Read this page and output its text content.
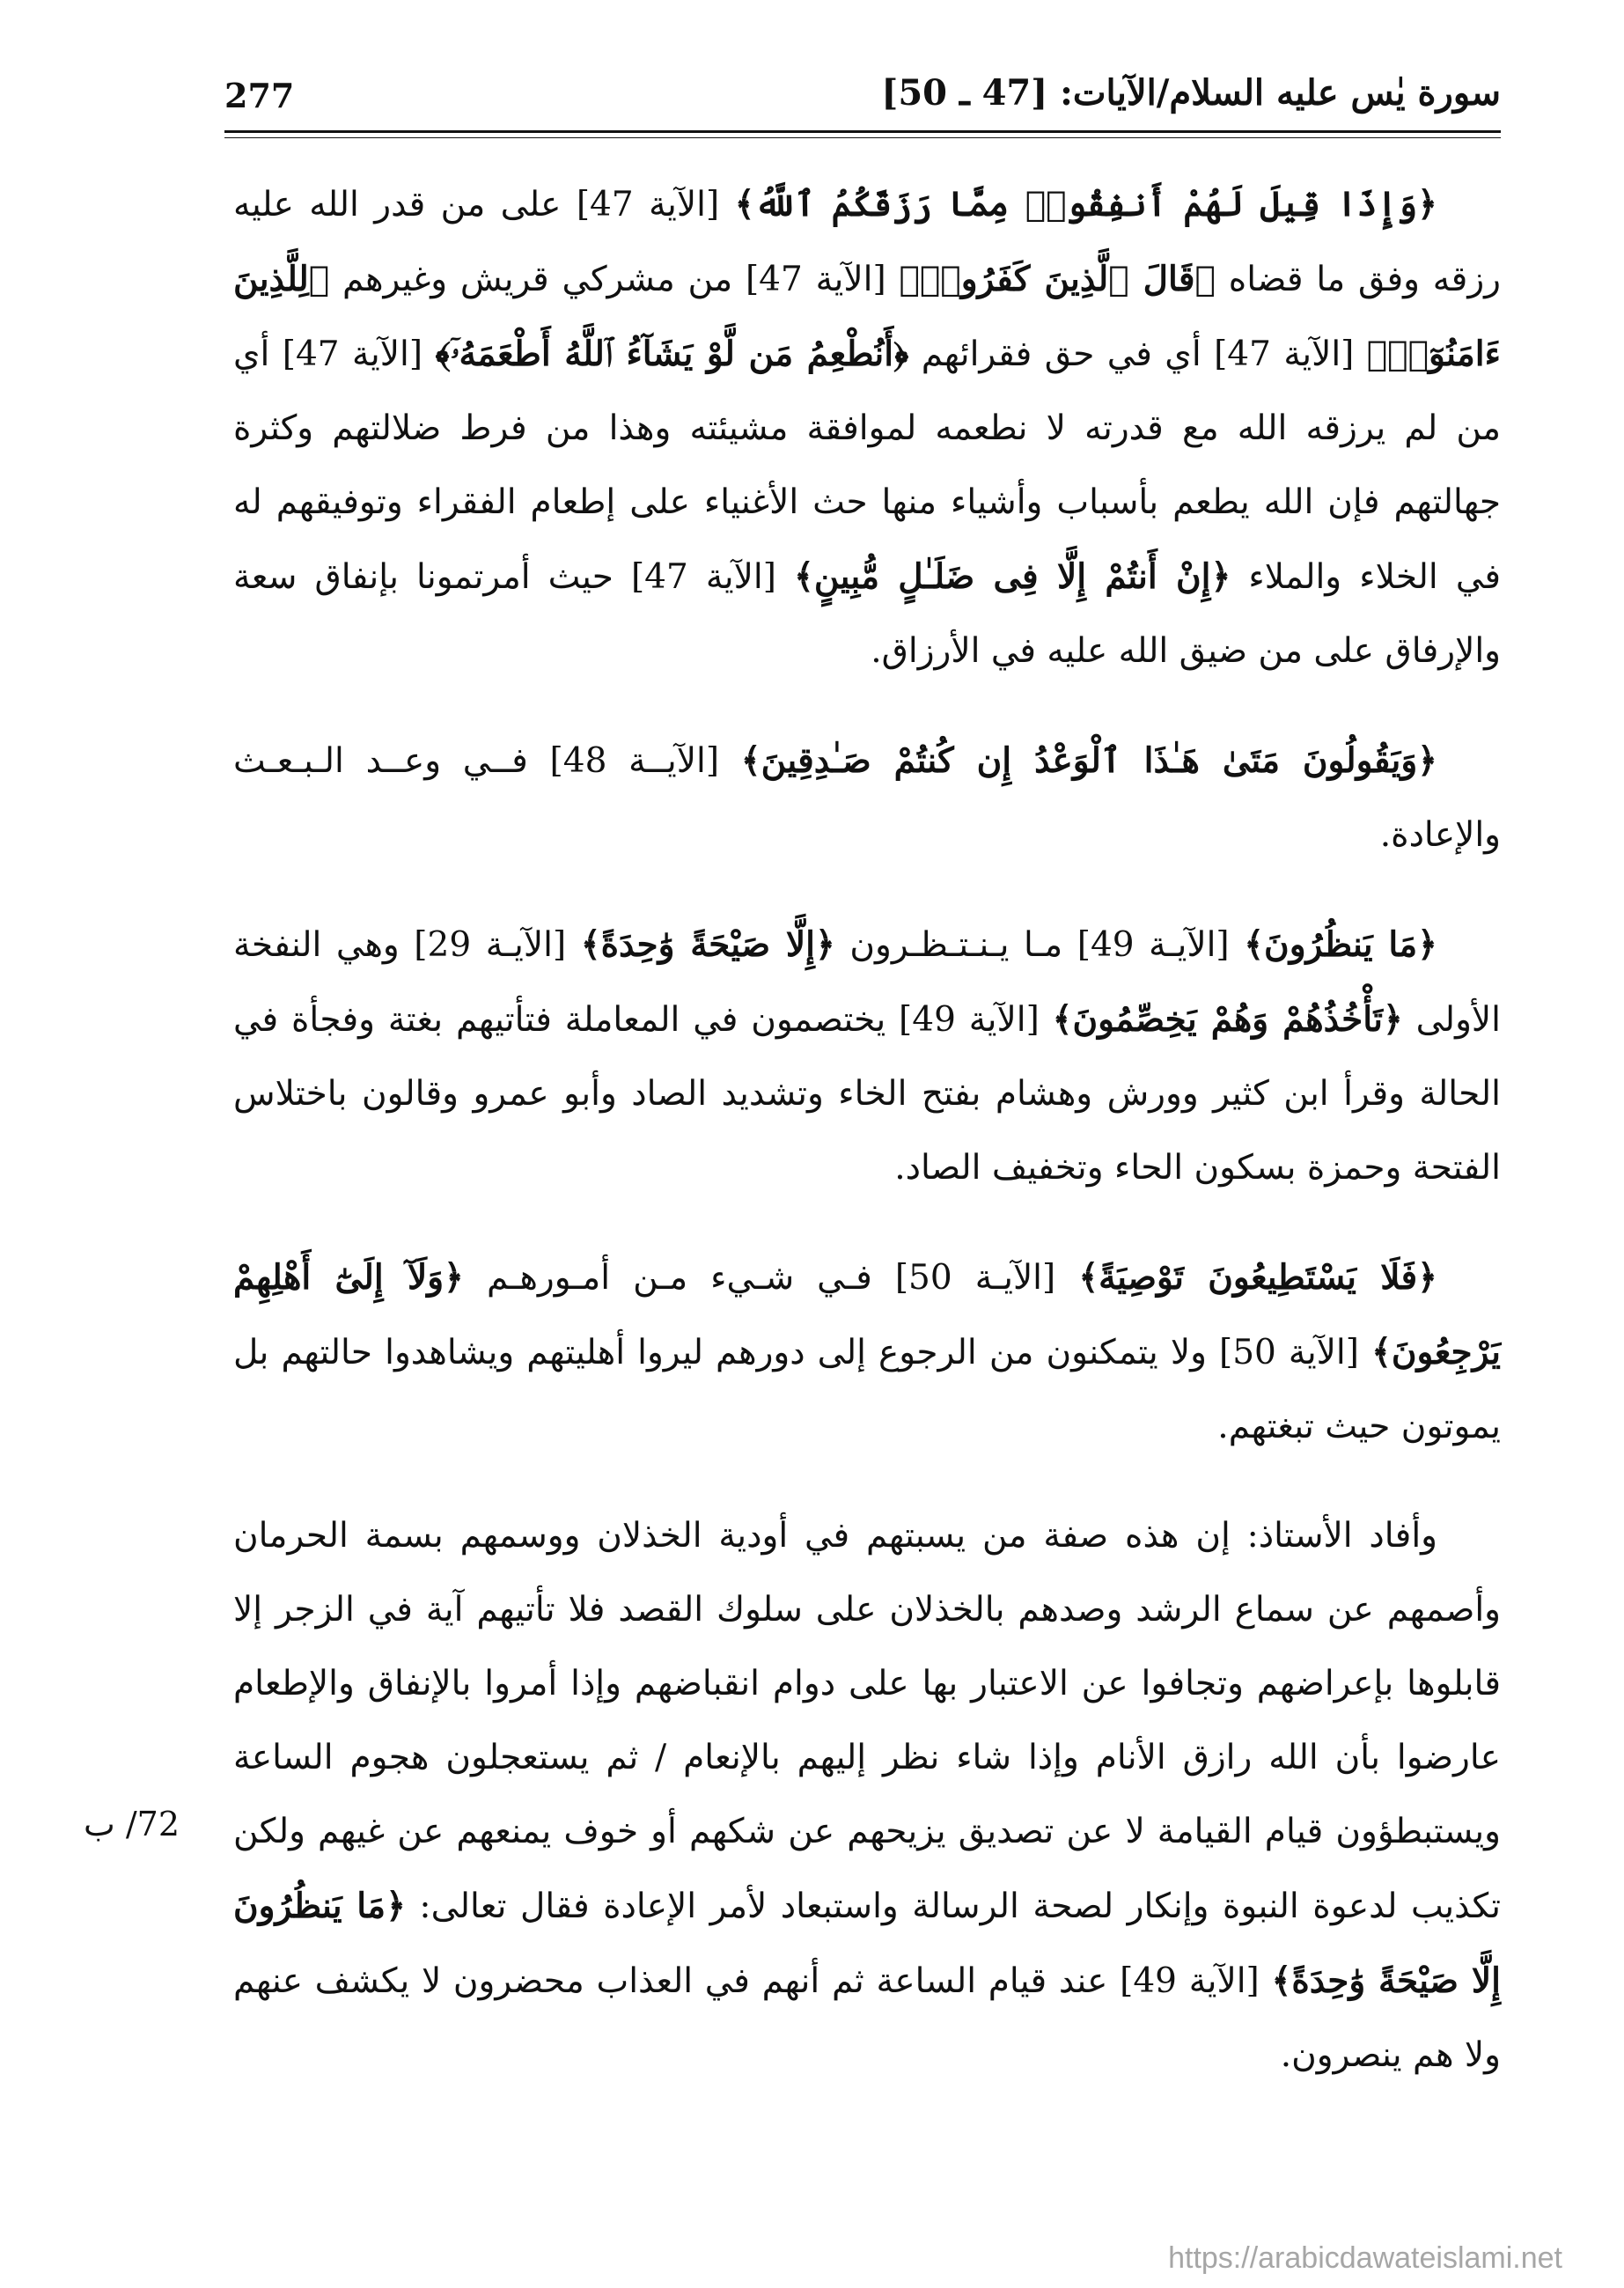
277	سورة يٰس عليه السلام/الآيات: [47 ـ 50]

﴿وَإِذَا قِيلَ لَهُمْ أَنفِقُوا۟ مِمَّا رَزَقَكُمُ ٱللَّهُ﴾ [الآية 47] على من قدر الله عليه رزقه وفق ما قضاه ﴿قَالَ ٱلَّذِينَ كَفَرُوا۟﴾ [الآية 47] من مشركي قريش وغيرهم ﴿لِلَّذِينَ ءَامَنُوٓا۟﴾ [الآية 47] أي في حق فقرائهم ﴿أَنُطْعِمُ مَن لَّوْ يَشَآءُ ٱللَّهُ أَطْعَمَهُۥٓ﴾ [الآية 47] أي من لم يرزقه الله مع قدرته لا نطعمه لموافقة مشيئته وهذا من فرط ضلالتهم وكثرة جهالتهم فإن الله يطعم بأسباب وأشياء منها حث الأغنياء على إطعام الفقراء وتوفيقهم له في الخلاء والملاء ﴿إِنْ أَنتُمْ إِلَّا فِى ضَلَـٰلٍ مُّبِينٍ﴾ [الآية 47] حيث أمرتمونا بإنفاق سعة والإرفاق على من ضيق الله عليه في الأرزاق.

﴿وَيَقُولُونَ مَتَىٰ هَـٰذَا ٱلْوَعْدُ إِن كُنتُمْ صَـٰدِقِينَ﴾ [الآيــة 48] فــي وعــد الـبـعـث والإعادة.

﴿مَا يَنظُرُونَ﴾ [الآيـة 49] مـا يـنـتـظـرون ﴿إِلَّا صَيْحَةً وَٰحِدَةً﴾ [الآيـة 29] وهي النفخة الأولى ﴿تَأْخُذُهُمْ وَهُمْ يَخِصِّمُونَ﴾ [الآية 49] يختصمون في المعاملة فتأتيهم بغتة وفجأة في الحالة وقرأ ابن كثير وورش وهشام بفتح الخاء وتشديد الصاد وأبو عمرو وقالون باختلاس الفتحة وحمزة بسكون الحاء وتخفيف الصاد.

﴿فَلَا يَسْتَطِيعُونَ تَوْصِيَةً﴾ [الآيـة 50] فـي شـيء مـن أمـورهـم ﴿وَلَآ إِلَىٰٓ أَهْلِهِمْ يَرْجِعُونَ﴾ [الآية 50] ولا يتمكنون من الرجوع إلى دورهم ليروا أهليتهم ويشاهدوا حالتهم بل يموتون حيث تبغتهم.

وأفاد الأستاذ: إن هذه صفة من يسبتهم في أودية الخذلان ووسمهم بسمة الحرمان وأصمهم عن سماع الرشد وصدهم بالخذلان على سلوك القصد فلا تأتيهم آية في الزجر إلا قابلوها بإعراضهم وتجافوا عن الاعتبار بها على دوام انقباضهم وإذا أمروا بالإنفاق والإطعام عارضوا بأن الله رازق الأنام وإذا شاء نظر إليهم بالإنعام / ثم يستعجلون هجوم الساعة ويستبطؤون قيام القيامة لا عن تصديق يزيحهم عن شكهم أو خوف يمنعهم عن غيهم ولكن تكذيب لدعوة النبوة وإنكار لصحة الرسالة واستبعاد لأمر الإعادة فقال تعالى: ﴿مَا يَنظُرُونَ إِلَّا صَيْحَةً وَٰحِدَةً﴾ [الآية 49] عند قيام الساعة ثم أنهم في العذاب محضرون لا يكشف عنهم ولا هم ينصرون.

72/ ب
https://arabicdawateislami.net
